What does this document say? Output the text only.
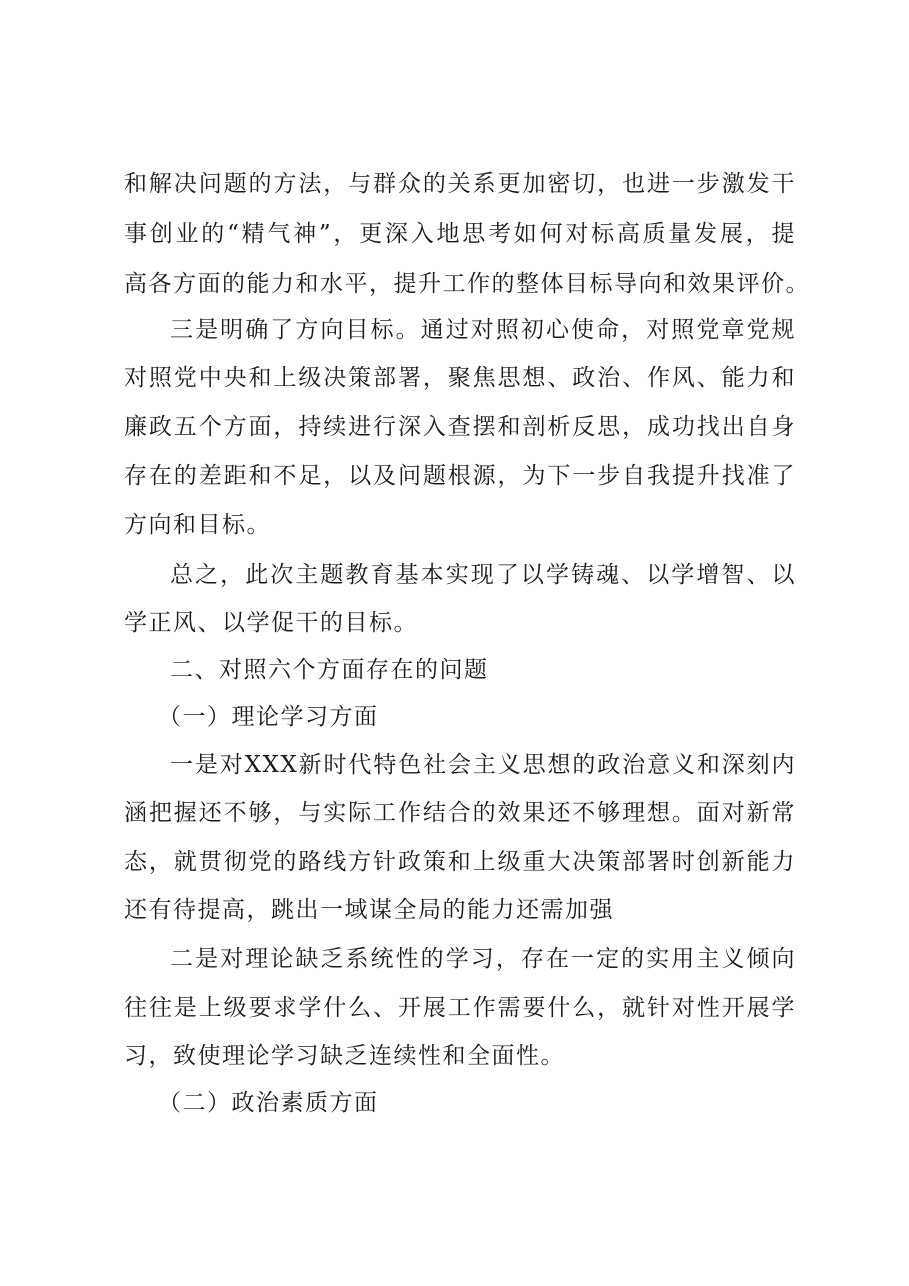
和解决问题的方法，与群众的关系更加密切，也进一步激发干
事创业的“精气神”，更深入地思考如何对标高质量发展，提
高各方面的能力和水平，提升工作的整体目标导向和效果评价。
三是明确了方向目标。通过对照初心使命，对照党章党规
对照党中央和上级决策部署，聚焦思想、政治、作风、能力和
廉政五个方面，持续进行深入查摆和剖析反思，成功找出自身
存在的差距和不足，以及问题根源，为下一步自我提升找准了
方向和目标。
总之，此次主题教育基本实现了以学铸魂、以学增智、以
学正风、以学促干的目标。
二、对照六个方面存在的问题
（一）理论学习方面
一是对XXX新时代特色社会主义思想的政治意义和深刻内
涵把握还不够，与实际工作结合的效果还不够理想。面对新常
态，就贯彻党的路线方针政策和上级重大决策部署时创新能力
还有待提高，跳出一域谋全局的能力还需加强
二是对理论缺乏系统性的学习，存在一定的实用主义倾向
往往是上级要求学什么、开展工作需要什么，就针对性开展学
习，致使理论学习缺乏连续性和全面性。
（二）政治素质方面
